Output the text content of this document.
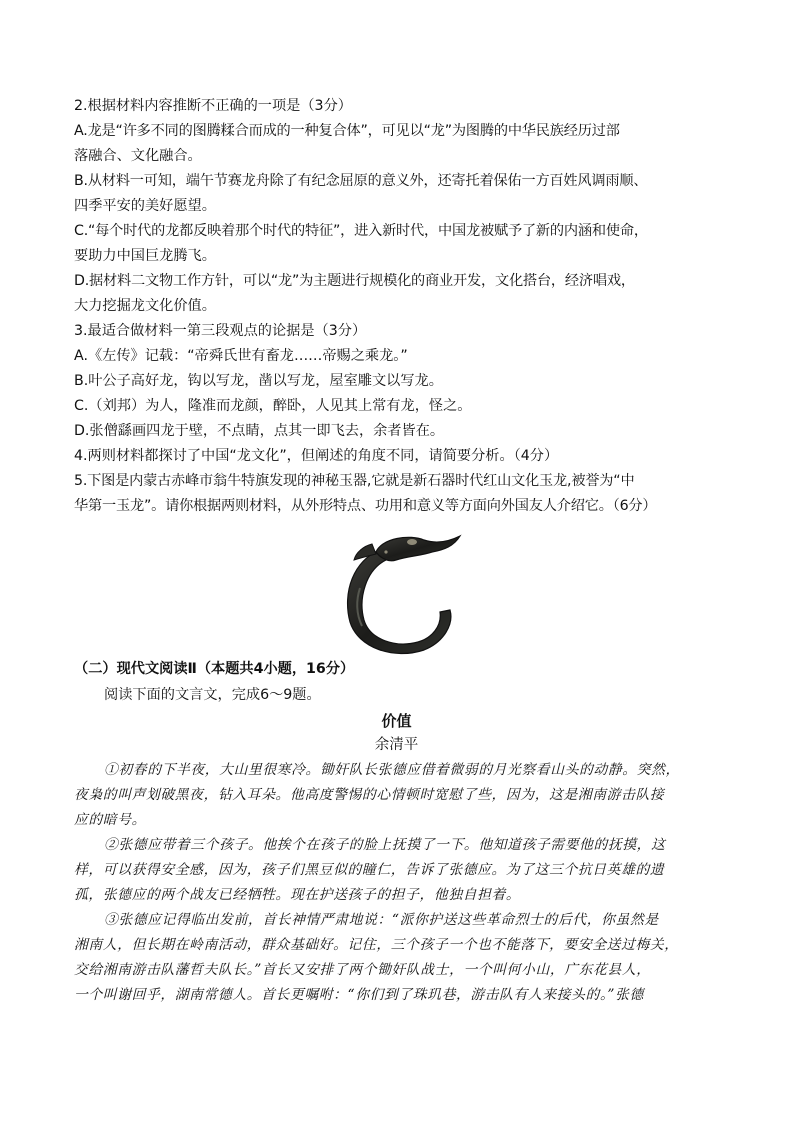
2.根据材料内容推断不正确的一项是（3分）
A.龙是“许多不同的图腾糅合而成的一种复合体”，可见以“龙”为图腾的中华民族经历过部
落融合、文化融合。
B.从材料一可知，端午节赛龙舟除了有纪念屈原的意义外，还寄托着保佑一方百姓风调雨顺、
四季平安的美好愿望。
C.“每个时代的龙都反映着那个时代的特征”，进入新时代，中国龙被赋予了新的内涵和使命，
要助力中国巨龙腾飞。
D.据材料二文物工作方针，可以“龙”为主题进行规模化的商业开发，文化搭台，经济唱戏，
大力挖掘龙文化价值。
3.最适合做材料一第三段观点的论据是（3分）
A.《左传》记载：“帝舜氏世有畜龙……帝赐之乘龙。”
B.叶公子高好龙，钩以写龙，凿以写龙，屋室雕文以写龙。
C.（刘邦）为人，隆准而龙颜，醉卧，人见其上常有龙，怪之。
D.张僧繇画四龙于壁，不点睛，点其一即飞去，余者皆在。
4.两则材料都探讨了中国“龙文化”，但阐述的角度不同，请简要分析。（4分）
5.下图是内蒙古赤峰市翁牛特旗发现的神秘玉器,它就是新石器时代红山文化玉龙,被誉为“中
华第一玉龙”。请你根据两则材料，从外形特点、功用和意义等方面向外国友人介绍它。（6分）
（二）现代文阅读Ⅱ（本题共4小题，16分）
阅读下面的文言文，完成6～9题。
价值
余清平
①初春的下半夜，大山里很寒冷。锄奸队长张德应借着微弱的月光察看山头的动静。突然，
夜枭的叫声划破黑夜，钻入耳朵。他高度警惕的心情顿时宽慰了些，因为，这是湘南游击队接
应的暗号。
②张德应带着三个孩子。他挨个在孩子的脸上抚摸了一下。他知道孩子需要他的抚摸，这
样，可以获得安全感，因为，孩子们黑豆似的瞳仁，告诉了张德应。为了这三个抗日英雄的遗
孤，张德应的两个战友已经牺牲。现在护送孩子的担子，他独自担着。
③张德应记得临出发前，首长神情严肃地说：“派你护送这些革命烈士的后代，你虽然是
湘南人，但长期在岭南活动，群众基础好。记住，三个孩子一个也不能落下，要安全送过梅关，
交给湘南游击队藩哲夫队长。”首长又安排了两个锄奸队战士，一个叫何小山，广东花县人，
一个叫谢回乎，湖南常德人。首长更嘱咐：“你们到了珠玑巷，游击队有人来接头的。”张德
